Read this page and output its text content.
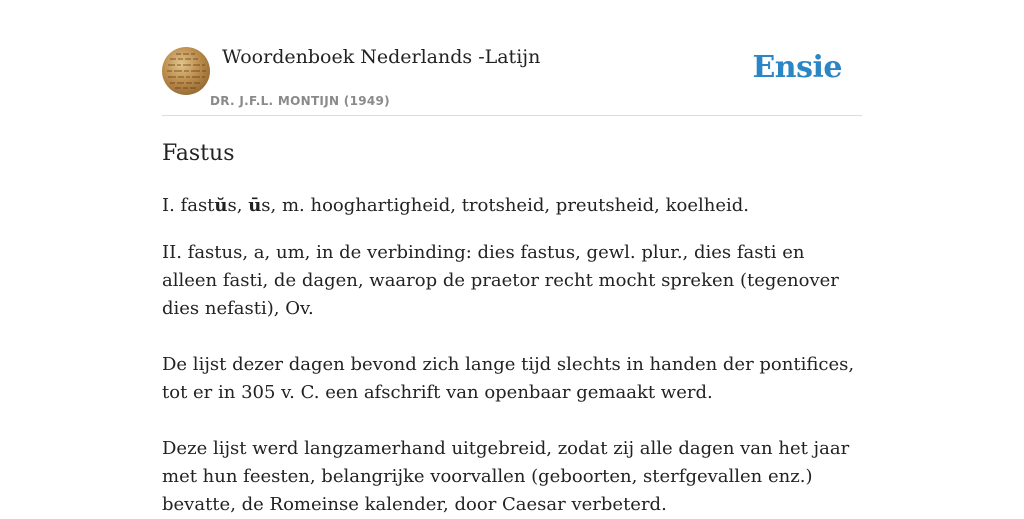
Woordenboek Nederlands -Latijn
DR. J.F.L. MONTIJN (1949)
Ensie
Fastus

I. fastŭs, ūs, m. hooghartigheid, trotsheid, preutsheid, koelheid.

II. fastus, a, um, in de verbinding: dies fastus, gewl. plur., dies fasti en alleen fasti, de dagen, waarop de praetor recht mocht spreken (tegenover dies nefasti), Ov.

De lijst dezer dagen bevond zich lange tijd slechts in handen der pontifices, tot er in 305 v. C. een afschrift van openbaar gemaakt werd.

Deze lijst werd langzamerhand uitgebreid, zodat zij alle dagen van het jaar met hun feesten, belangrijke voorvallen (geboorten, sterfgevallen enz.) bevatte, de Romeinse kalender, door Caesar verbeterd.
